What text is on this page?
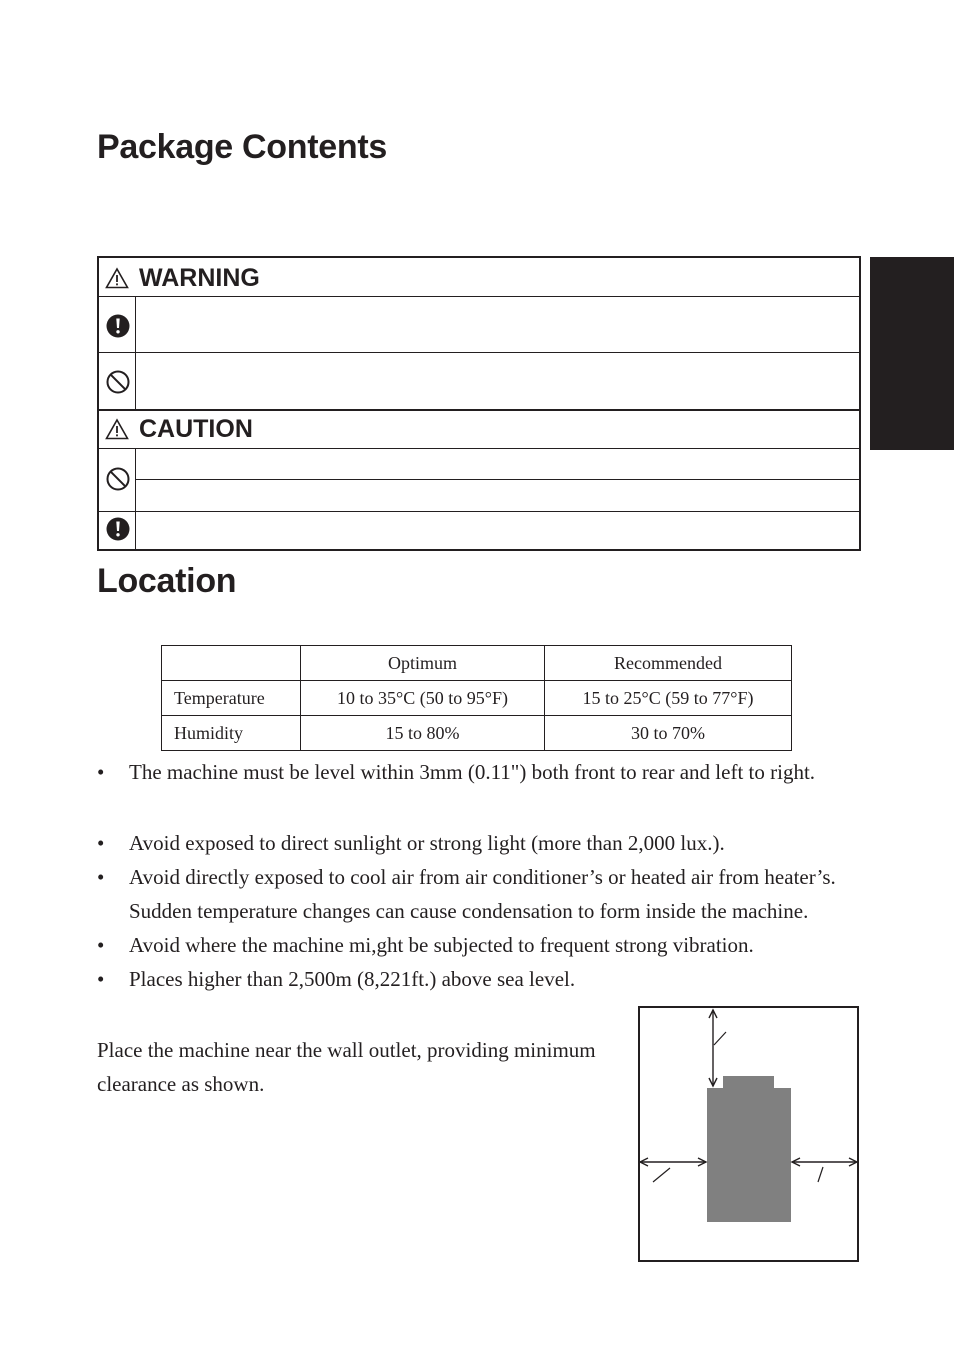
Package Contents
WARNING
CAUTION
Location
	Optimum	Recommended
Temperature	10 to 35°C (50 to 95°F)	15 to 25°C (59 to 77°F)
Humidity	15 to 80%	30 to 70%
• The machine must be level within 3mm (0.11") both front to rear and left to right.
• Avoid exposed to direct sunlight or strong light (more than 2,000 lux.).
• Avoid directly exposed to cool air from air conditioner’s or heated air from heater’s. Sudden temperature changes can cause condensation to form inside the machine.
• Avoid where the machine mi,ght be subjected to frequent strong vibration.
• Places higher than 2,500m (8,221ft.) above sea level.

Place the machine near the wall outlet, providing minimum clearance as shown.
